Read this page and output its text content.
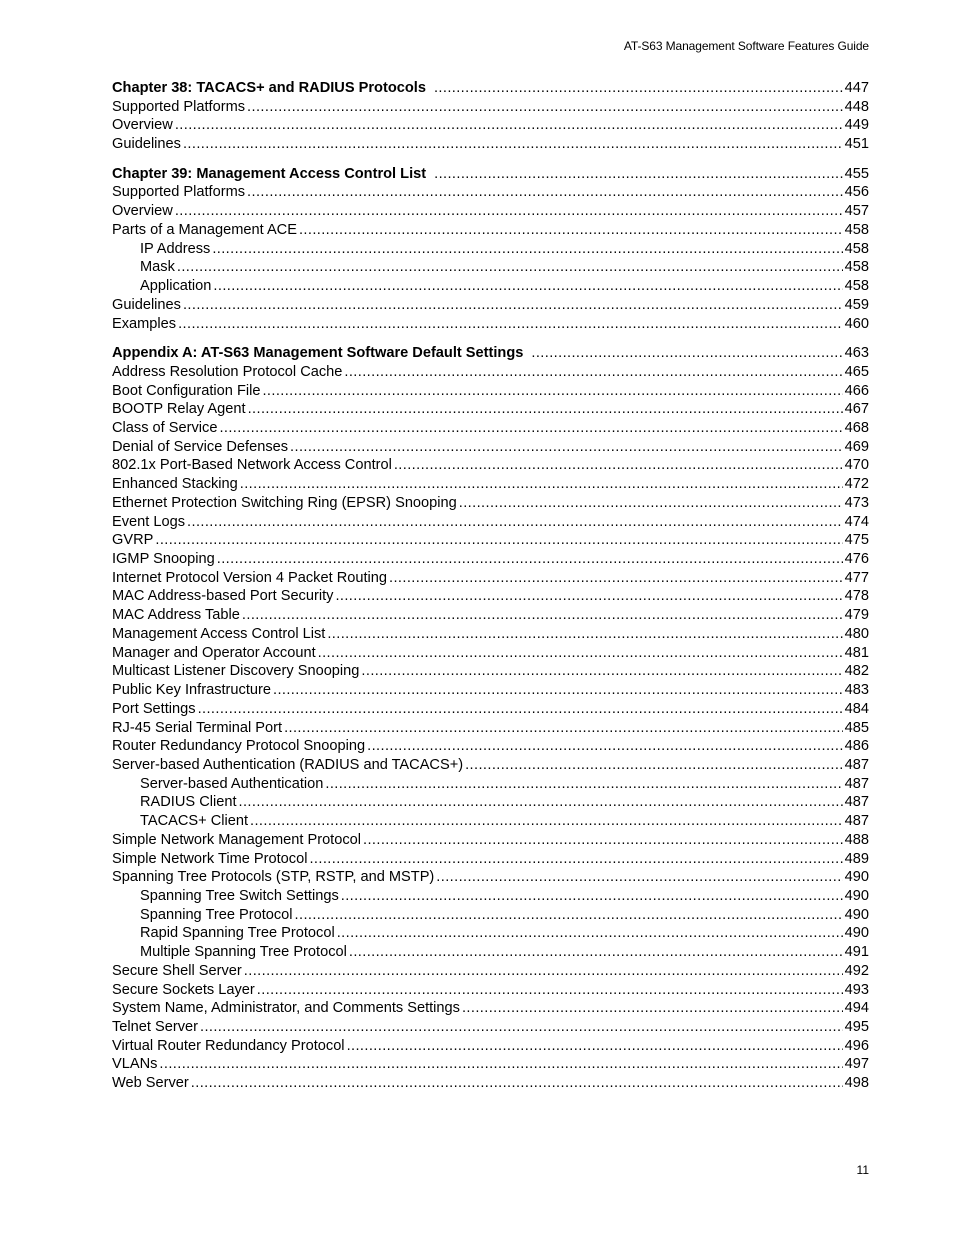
AT-S63 Management Software Features Guide
Chapter 38: TACACS+ and RADIUS Protocols .....	447
Supported Platforms .....	448
Overview .....	449
Guidelines .....	451
Chapter 39: Management Access Control List .....	455
Supported Platforms .....	456
Overview .....	457
Parts of a Management ACE .....	458
IP Address .....	458
Mask .....	458
Application .....	458
Guidelines .....	459
Examples .....	460
Appendix A: AT-S63 Management Software Default Settings .....	463
Address Resolution Protocol Cache .....	465
Boot Configuration File .....	466
BOOTP Relay Agent .....	467
Class of Service .....	468
Denial of Service Defenses .....	469
802.1x Port-Based Network Access Control .....	470
Enhanced Stacking .....	472
Ethernet Protection Switching Ring (EPSR) Snooping .....	473
Event Logs .....	474
GVRP .....	475
IGMP Snooping .....	476
Internet Protocol Version 4 Packet Routing .....	477
MAC Address-based Port Security .....	478
MAC Address Table .....	479
Management Access Control List .....	480
Manager and Operator Account .....	481
Multicast Listener Discovery Snooping .....	482
Public Key Infrastructure .....	483
Port Settings .....	484
RJ-45 Serial Terminal Port .....	485
Router Redundancy Protocol Snooping .....	486
Server-based Authentication (RADIUS and TACACS+) .....	487
Server-based Authentication .....	487
RADIUS Client .....	487
TACACS+ Client .....	487
Simple Network Management Protocol .....	488
Simple Network Time Protocol .....	489
Spanning Tree Protocols (STP, RSTP, and MSTP) .....	490
Spanning Tree Switch Settings .....	490
Spanning Tree Protocol .....	490
Rapid Spanning Tree Protocol .....	490
Multiple Spanning Tree Protocol .....	491
Secure Shell Server .....	492
Secure Sockets Layer .....	493
System Name, Administrator, and Comments Settings .....	494
Telnet Server .....	495
Virtual Router Redundancy Protocol .....	496
VLANs .....	497
Web Server .....	498
11
